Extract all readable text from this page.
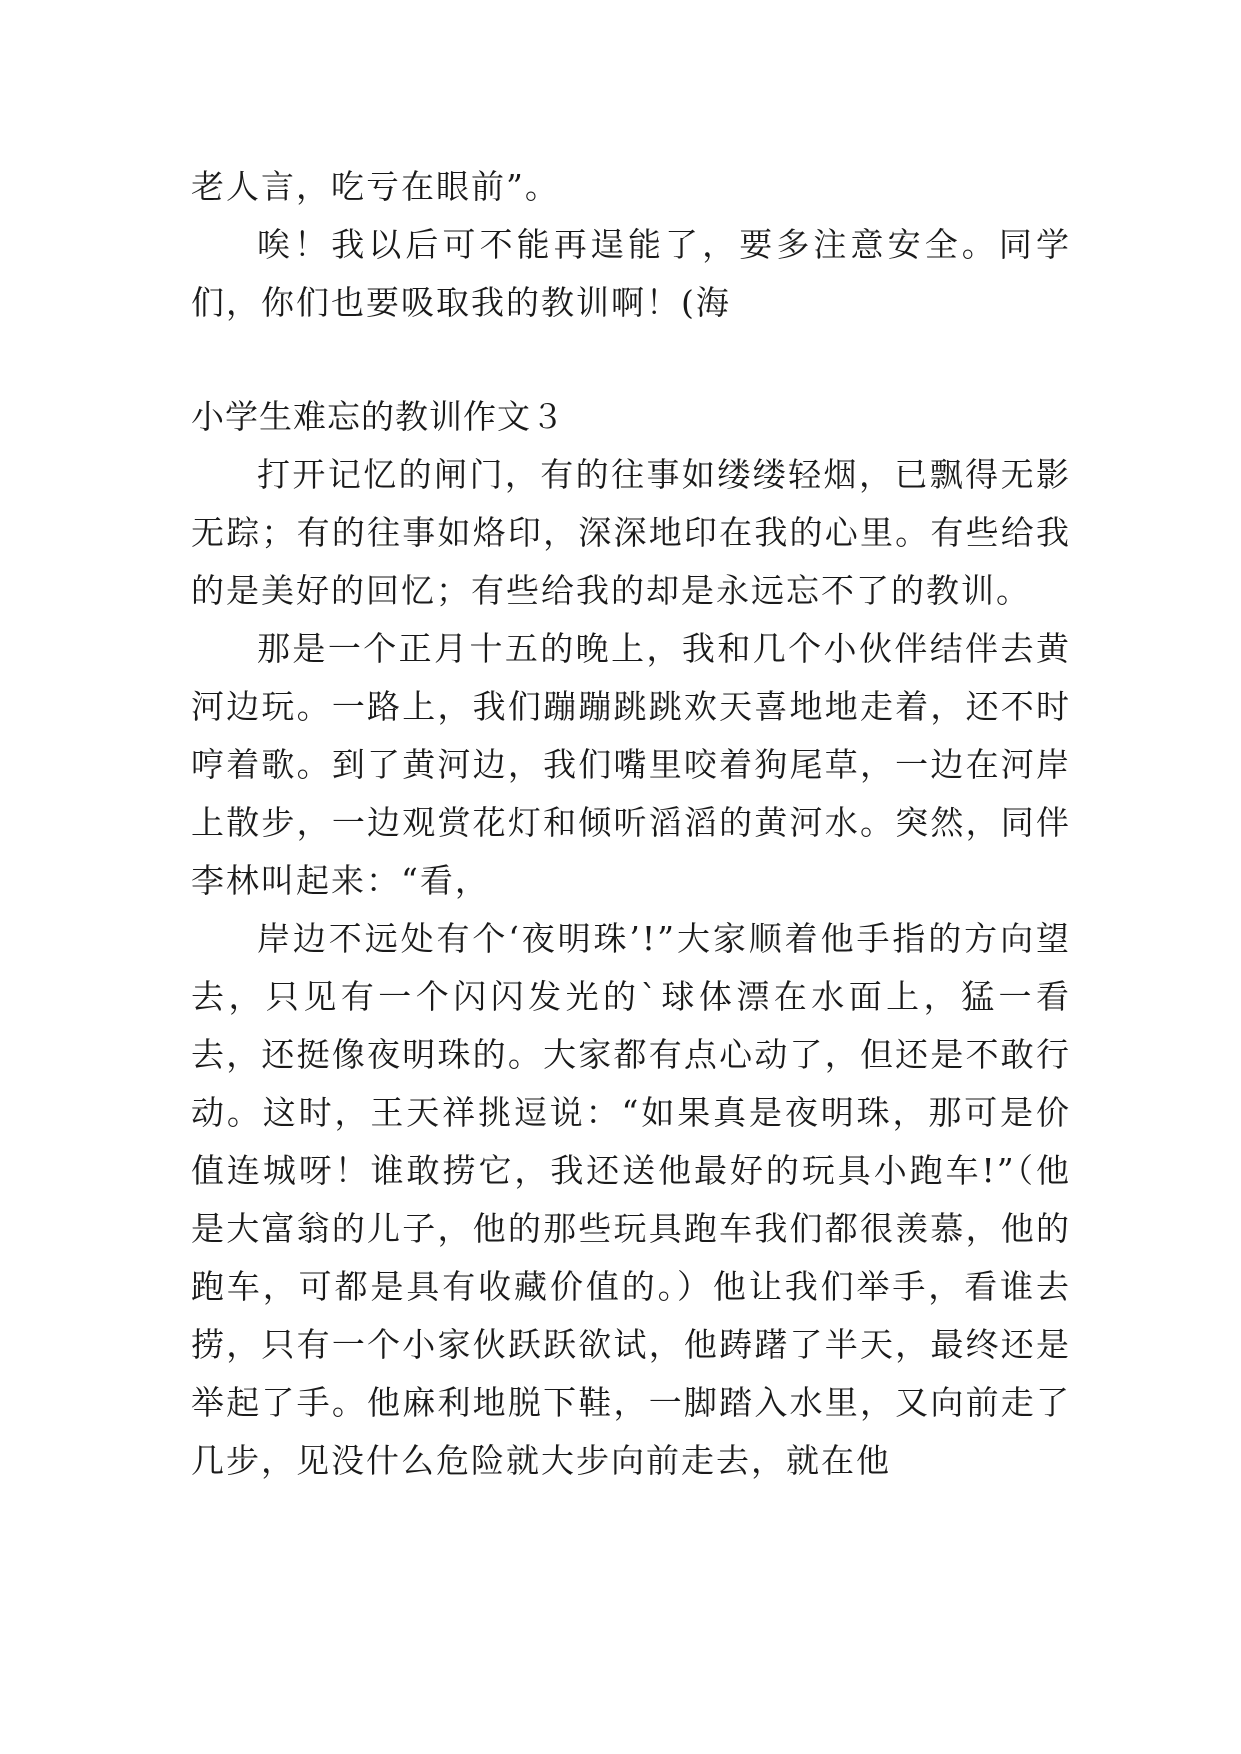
老人言，吃亏在眼前”。

唉！我以后可不能再逞能了，要多注意安全。同学们，你们也要吸取我的教训啊！(海

小学生难忘的教训作文３

打开记忆的闸门，有的往事如缕缕轻烟，已飘得无影无踪；有的往事如烙印，深深地印在我的心里。有些给我的是美好的回忆；有些给我的却是永远忘不了的教训。

那是一个正月十五的晚上，我和几个小伙伴结伴去黄河边玩。一路上，我们蹦蹦跳跳欢天喜地地走着，还不时哼着歌。到了黄河边，我们嘴里咬着狗尾草，一边在河岸上散步，一边观赏花灯和倾听滔滔的黄河水。突然，同伴李林叫起来：“看，

岸边不远处有个‘夜明珠’!”大家顺着他手指的方向望去，只见有一个闪闪发光的`球体漂在水面上，猛一看去，还挺像夜明珠的。大家都有点心动了，但还是不敢行动。这时，王天祥挑逗说：“如果真是夜明珠，那可是价值连城呀！谁敢捞它，我还送他最好的玩具小跑车!”（他是大富翁的儿子，他的那些玩具跑车我们都很羡慕，他的跑车，可都是具有收藏价值的。）他让我们举手，看谁去捞，只有一个小家伙跃跃欲试，他踌躇了半天，最终还是举起了手。他麻利地脱下鞋，一脚踏入水里，又向前走了几步，见没什么危险就大步向前走去，就在他
